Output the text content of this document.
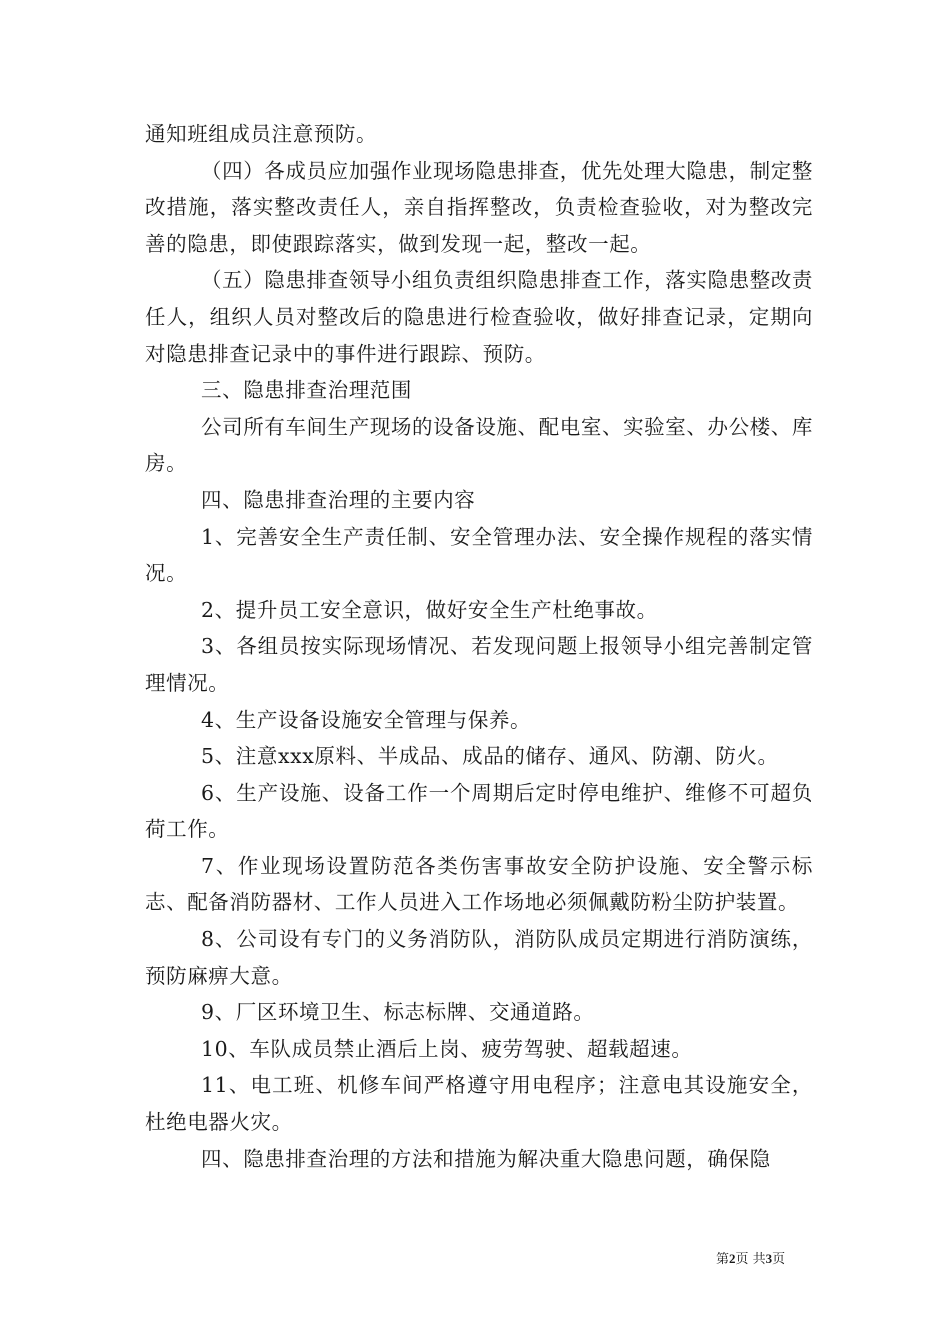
通知班组成员注意预防。

（四）各成员应加强作业现场隐患排查，优先处理大隐患，制定整改措施，落实整改责任人，亲自指挥整改，负责检查验收，对为整改完善的隐患，即使跟踪落实，做到发现一起，整改一起。

（五）隐患排查领导小组负责组织隐患排查工作，落实隐患整改责任人，组织人员对整改后的隐患进行检查验收，做好排查记录，定期向对隐患排查记录中的事件进行跟踪、预防。

三、隐患排查治理范围

公司所有车间生产现场的设备设施、配电室、实验室、办公楼、库房。

四、隐患排查治理的主要内容

1、完善安全生产责任制、安全管理办法、安全操作规程的落实情况。

2、提升员工安全意识，做好安全生产杜绝事故。

3、各组员按实际现场情况、若发现问题上报领导小组完善制定管理情况。

4、生产设备设施安全管理与保养。

5、注意xxx原料、半成品、成品的储存、通风、防潮、防火。

6、生产设施、设备工作一个周期后定时停电维护、维修不可超负荷工作。

7、作业现场设置防范各类伤害事故安全防护设施、安全警示标志、配备消防器材、工作人员进入工作场地必须佩戴防粉尘防护装置。

8、公司设有专门的义务消防队，消防队成员定期进行消防演练，预防麻痹大意。

9、厂区环境卫生、标志标牌、交通道路。

10、车队成员禁止酒后上岗、疲劳驾驶、超载超速。

11、电工班、机修车间严格遵守用电程序；注意电其设施安全，杜绝电器火灾。

四、隐患排查治理的方法和措施为解决重大隐患问题，确保隐

第2页 共3页
